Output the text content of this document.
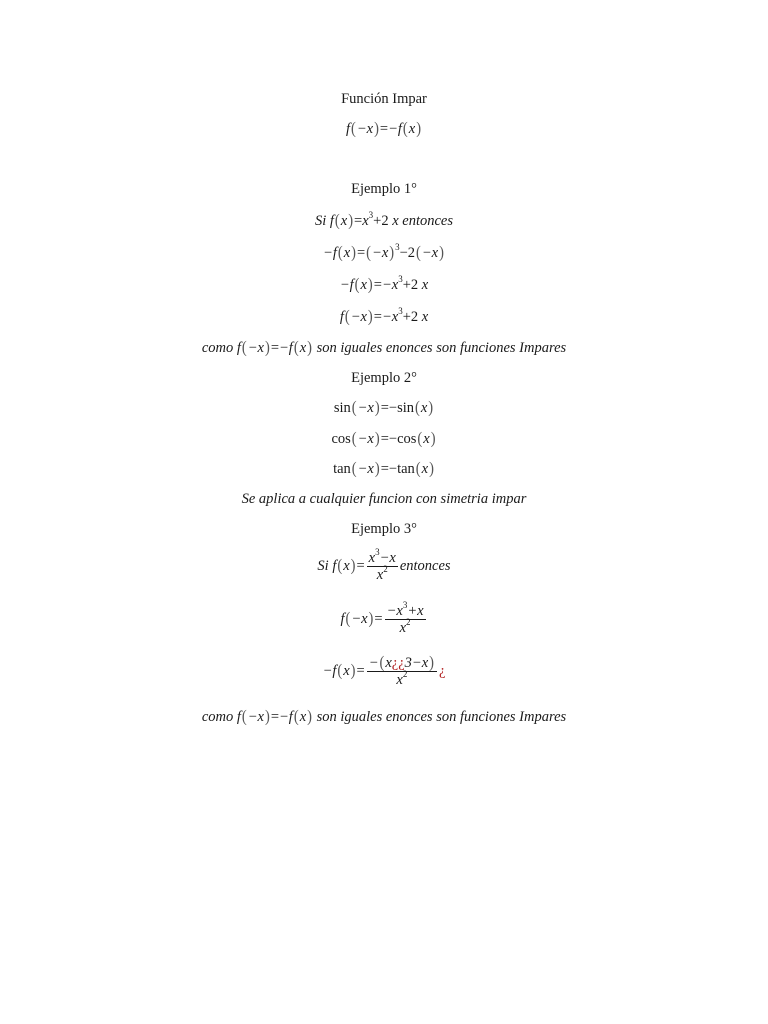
Función Impar
f(−x)=−f(x)
Ejemplo 1°
Si $f(x)=x^3+2$ x entonces
$-f(x)=(-x)^3-2(-x)$
$-f(x)=-x^3+2$ x
$f(-x)=-x^3+2$ x
como f(−x)=−f(x) son iguales enonces son funciones Impares
Ejemplo 2°
sin(−x)=−sin(x)
cos(−x)=−cos(x)
tan(−x)=−tan(x)
Se aplica a cualquier funcion con simetria impar
Ejemplo 3°
Si $f(x)= \frac{x^3-x}{x^2}$ entonces
$f(-x)= \frac{-x^3+x}{x^2}$
$-f(x)= \frac{-(x¿¿3-x)}{x^2}$ ¿
como f(−x)=−f(x) son iguales enonces son funciones Impares
